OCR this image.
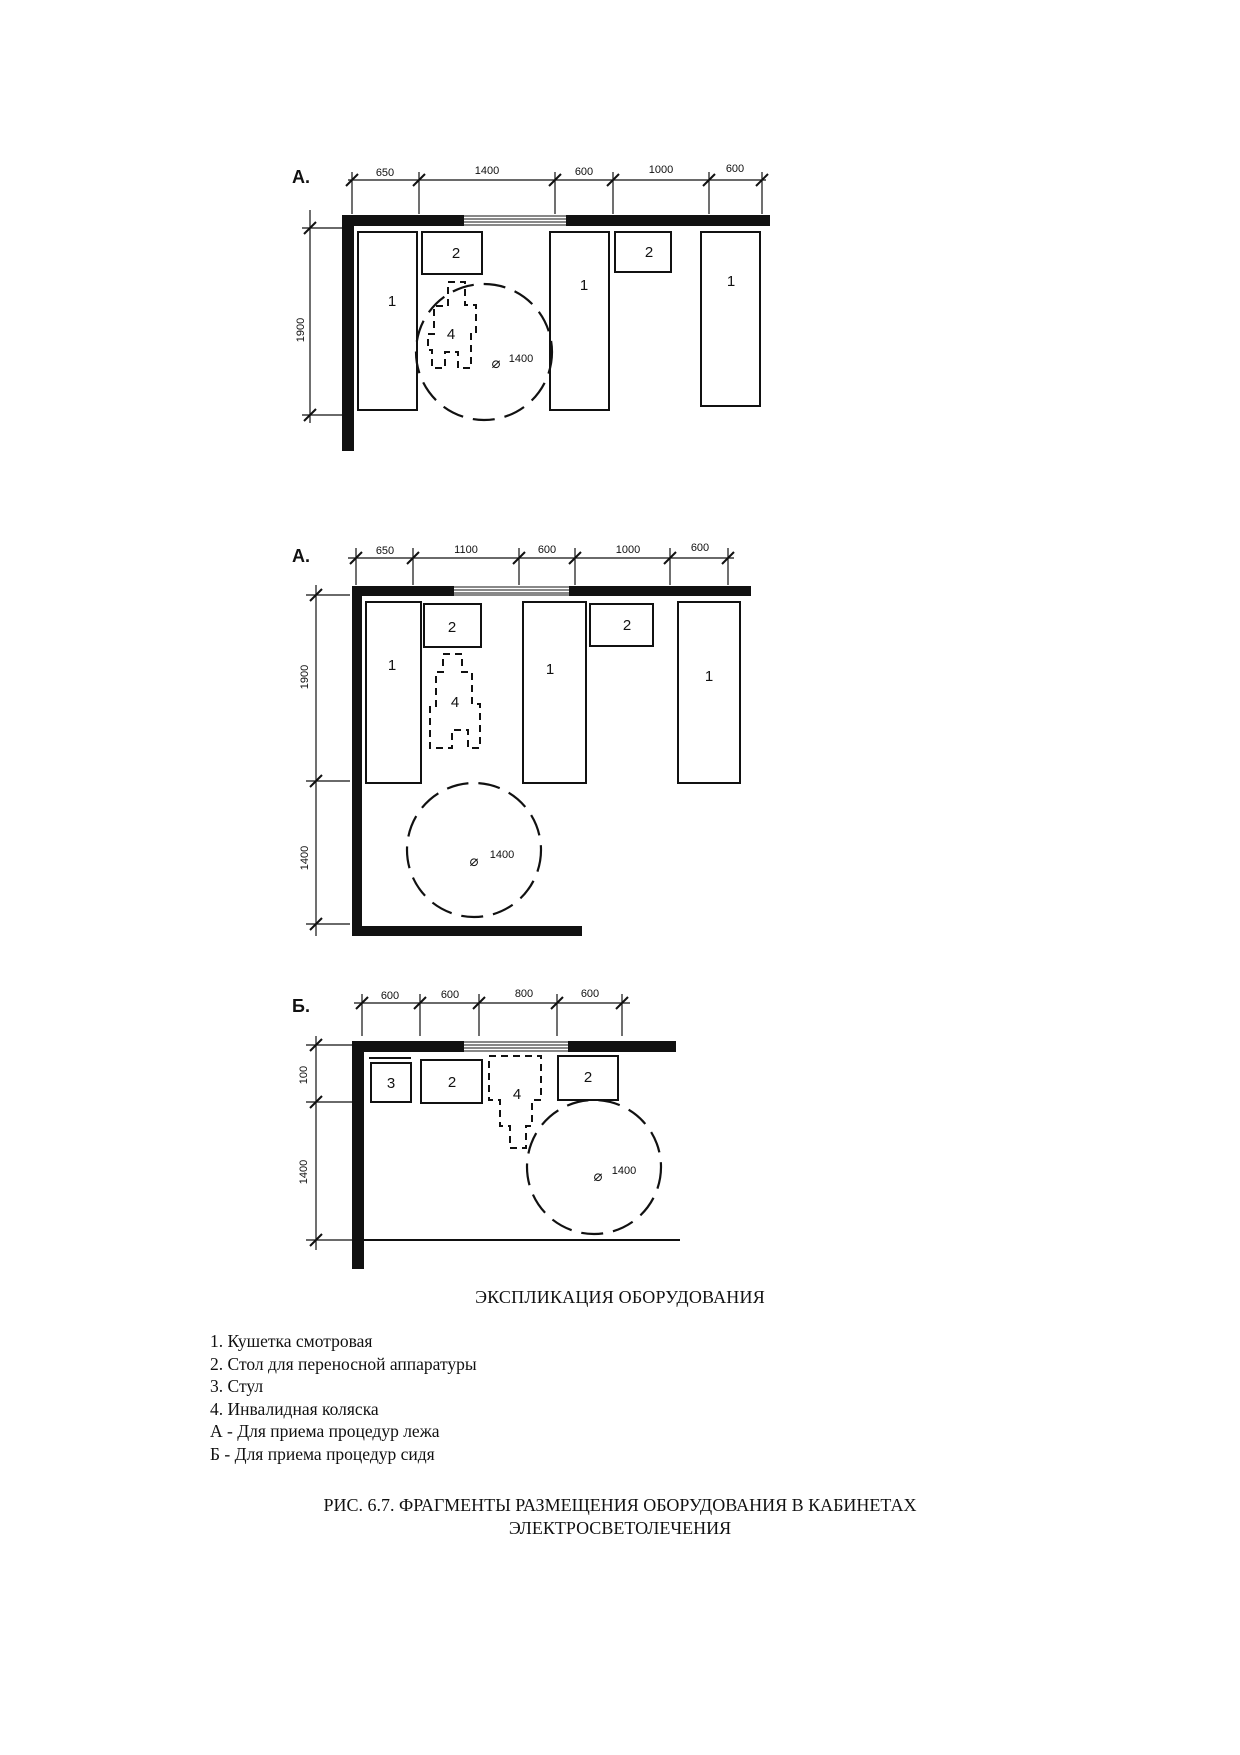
А.	650	1400	600	1000	600
1900
1
1	1
2	2
4
⌀ 1400
А.	650	1100	600	1000	600
1900
1400
1	1	1
2	2
4
⌀ 1400
Б.	600	600	800	600
100
1400
3	2	2
4
⌀ 1400
ЭКСПЛИКАЦИЯ ОБОРУДОВАНИЯ
1. Кушетка смотровая
2. Стол для переносной аппаратуры
3. Стул
4. Инвалидная коляска
А - Для приема процедур лежа
Б - Для приема процедур сидя
РИС. 6.7. ФРАГМЕНТЫ РАЗМЕЩЕНИЯ ОБОРУДОВАНИЯ В КАБИНЕТАХ
ЭЛЕКТРОСВЕТОЛЕЧЕНИЯ
